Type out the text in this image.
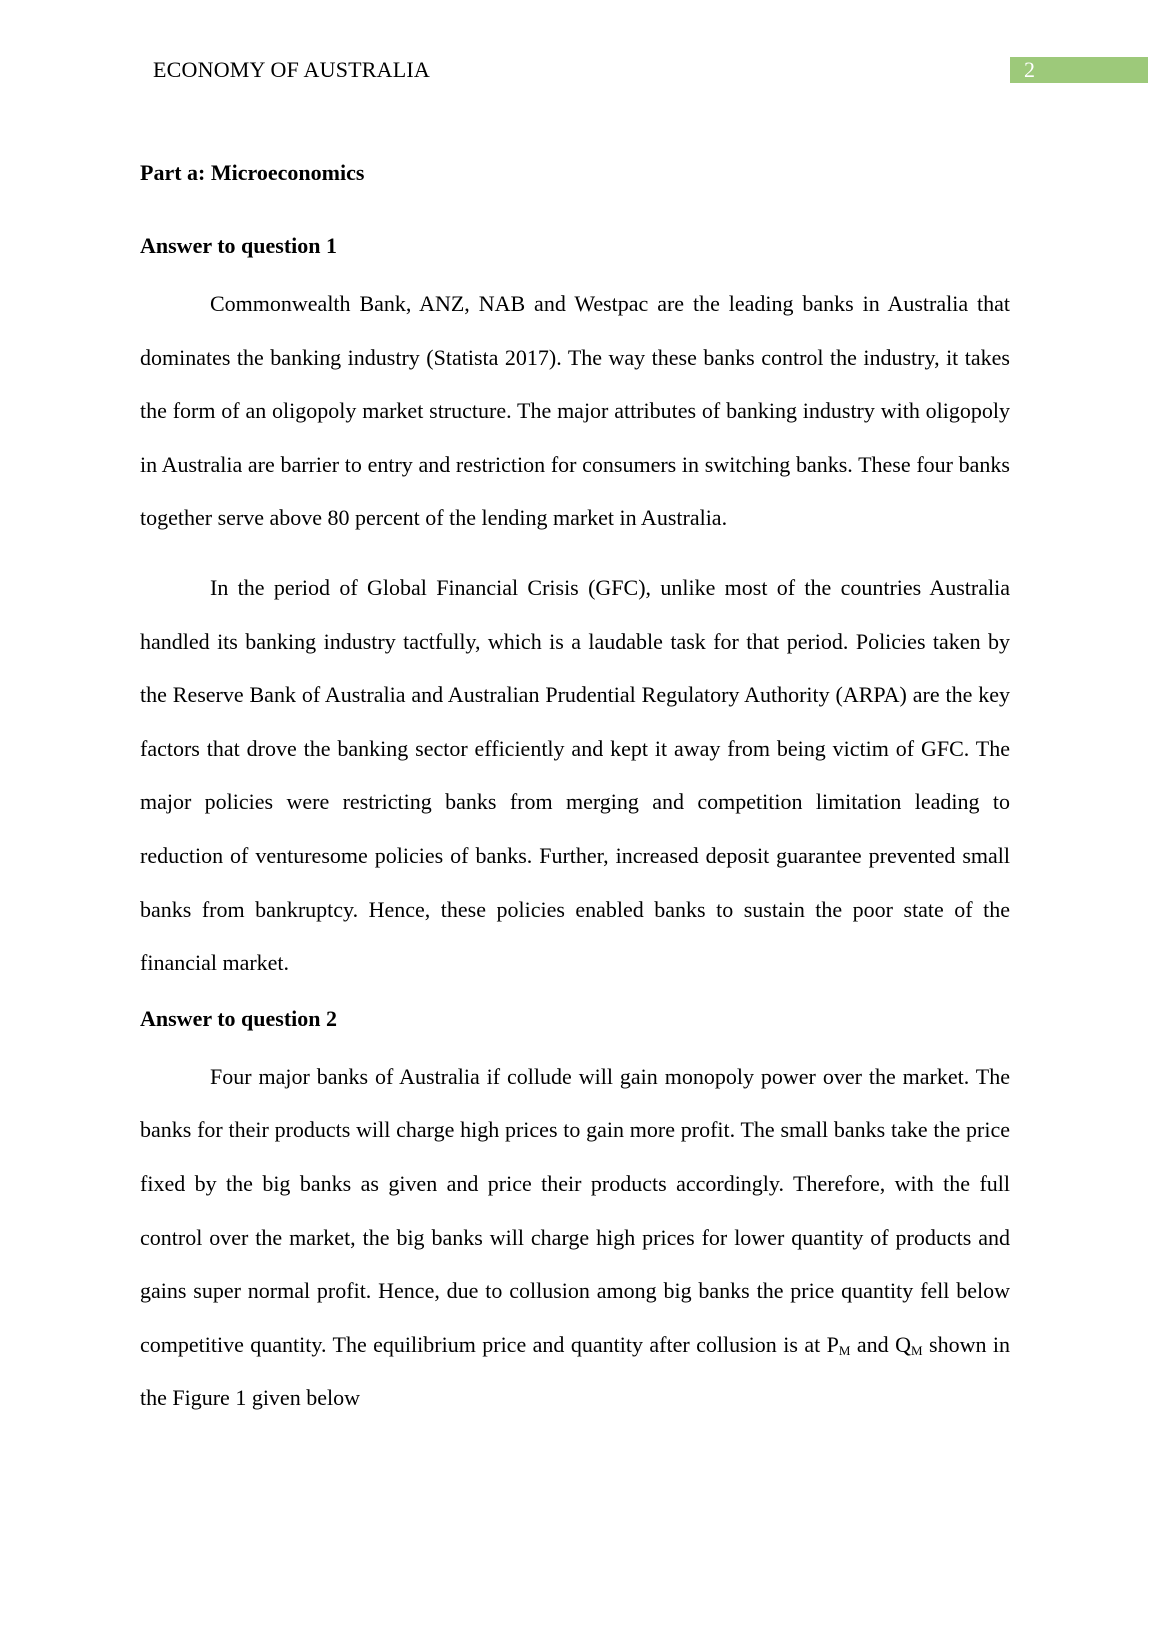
ECONOMY OF AUSTRALIA	2

Part a: Microeconomics

Answer to question 1

Commonwealth Bank, ANZ, NAB and Westpac are the leading banks in Australia that dominates the banking industry (Statista 2017). The way these banks control the industry, it takes the form of an oligopoly market structure. The major attributes of banking industry with oligopoly in Australia are barrier to entry and restriction for consumers in switching banks. These four banks together serve above 80 percent of the lending market in Australia.

In the period of Global Financial Crisis (GFC), unlike most of the countries Australia handled its banking industry tactfully, which is a laudable task for that period. Policies taken by the Reserve Bank of Australia and Australian Prudential Regulatory Authority (ARPA) are the key factors that drove the banking sector efficiently and kept it away from being victim of GFC. The major policies were restricting banks from merging and competition limitation leading to reduction of venturesome policies of banks. Further, increased deposit guarantee prevented small banks from bankruptcy. Hence, these policies enabled banks to sustain the poor state of the financial market.

Answer to question 2

Four major banks of Australia if collude will gain monopoly power over the market. The banks for their products will charge high prices to gain more profit. The small banks take the price fixed by the big banks as given and price their products accordingly. Therefore, with the full control over the market, the big banks will charge high prices for lower quantity of products and gains super normal profit. Hence, due to collusion among big banks the price quantity fell below competitive quantity. The equilibrium price and quantity after collusion is at $P_M$ and $Q_M$ shown in the Figure 1 given below
